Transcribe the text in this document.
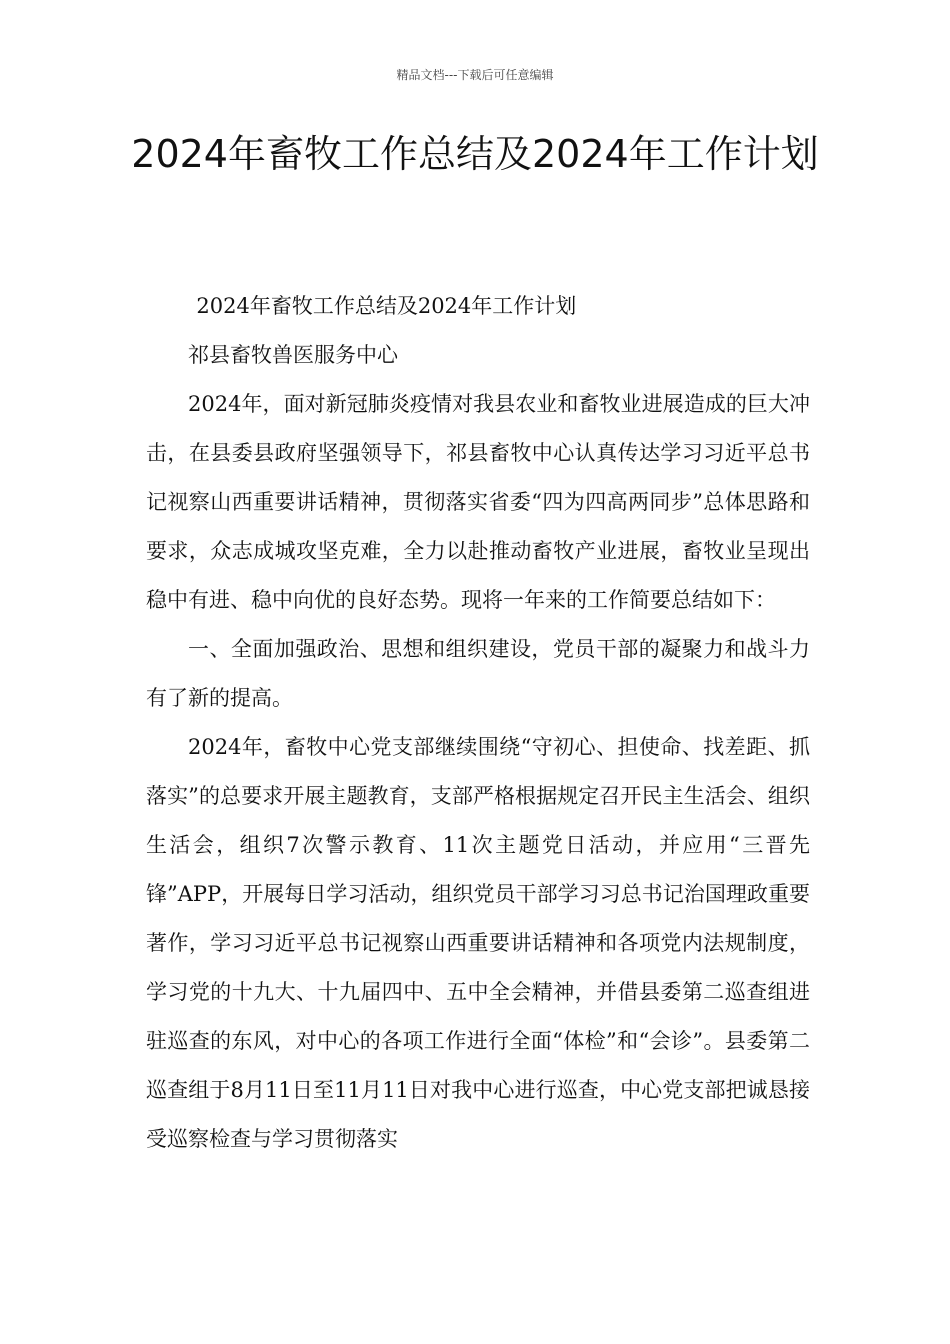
精品文档---下载后可任意编辑
2024年畜牧工作总结及2024年工作计划

2024年畜牧工作总结及2024年工作计划

祁县畜牧兽医服务中心

2024年，面对新冠肺炎疫情对我县农业和畜牧业进展造成的巨大冲击，在县委县政府坚强领导下，祁县畜牧中心认真传达学习习近平总书记视察山西重要讲话精神，贯彻落实省委“四为四高两同步”总体思路和要求，众志成城攻坚克难，全力以赴推动畜牧产业进展，畜牧业呈现出稳中有进、稳中向优的良好态势。现将一年来的工作简要总结如下：

一、全面加强政治、思想和组织建设，党员干部的凝聚力和战斗力有了新的提高。

2024年，畜牧中心党支部继续围绕“守初心、担使命、找差距、抓落实”的总要求开展主题教育，支部严格根据规定召开民主生活会、组织生活会，组织7次警示教育、11次主题党日活动，并应用“三晋先锋”APP，开展每日学习活动，组织党员干部学习习总书记治国理政重要著作，学习习近平总书记视察山西重要讲话精神和各项党内法规制度，学习党的十九大、十九届四中、五中全会精神，并借县委第二巡查组进驻巡查的东风，对中心的各项工作进行全面“体检”和“会诊”。县委第二巡查组于8月11日至11月11日对我中心进行巡查，中心党支部把诚恳接受巡察检查与学习贯彻落实
